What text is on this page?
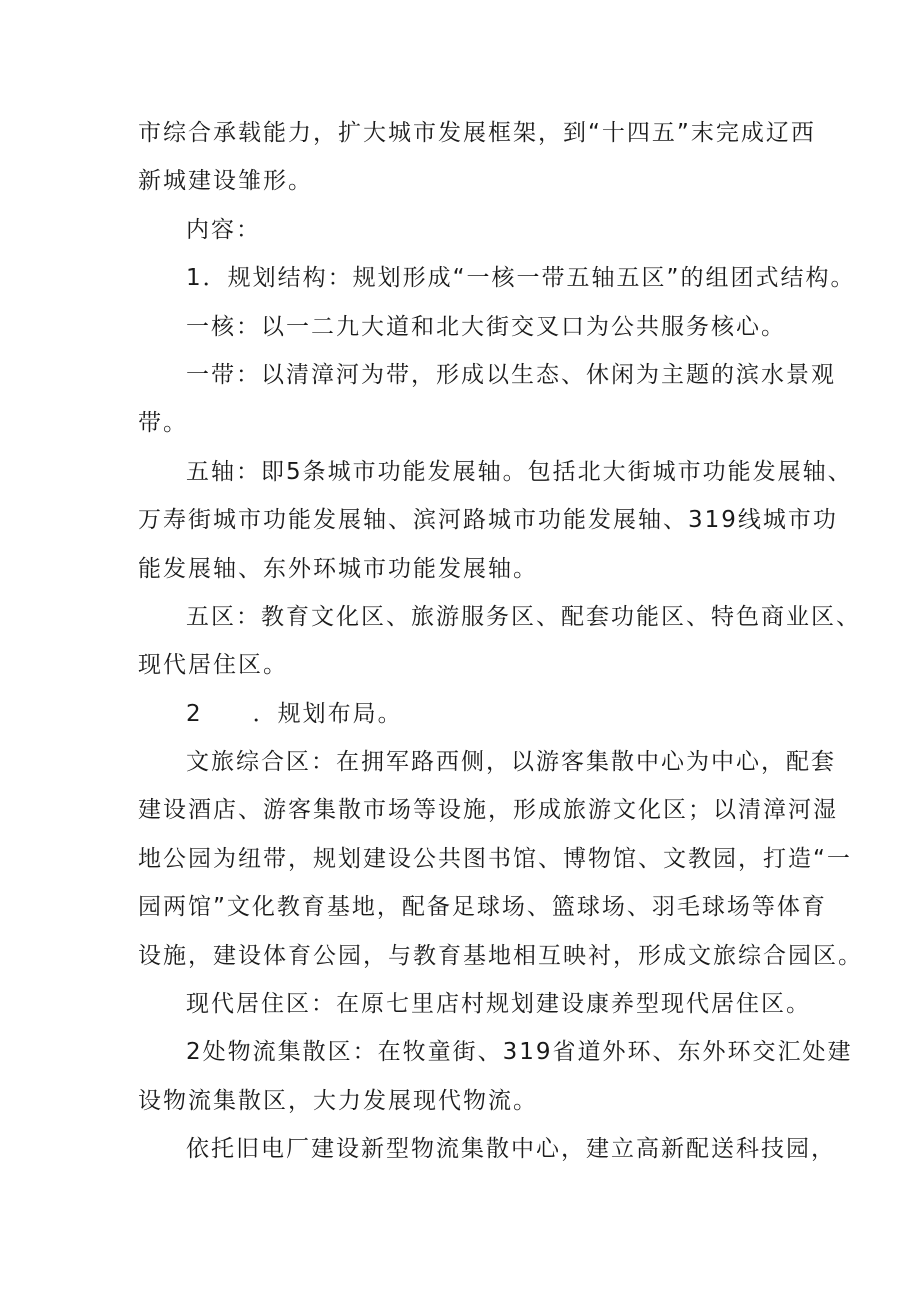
市综合承载能力，扩大城市发展框架，到“十四五”末完成辽西
新城建设雏形。
内容：
1．规划结构：规划形成“一核一带五轴五区”的组团式结构。
一核：以一二九大道和北大街交叉口为公共服务核心。
一带：以清漳河为带，形成以生态、休闲为主题的滨水景观
带。
五轴：即5条城市功能发展轴。包括北大街城市功能发展轴、
万寿街城市功能发展轴、滨河路城市功能发展轴、319线城市功
能发展轴、东外环城市功能发展轴。
五区：教育文化区、旅游服务区、配套功能区、特色商业区、
现代居住区。
2　　．规划布局。
文旅综合区：在拥军路西侧，以游客集散中心为中心，配套
建设酒店、游客集散市场等设施，形成旅游文化区；以清漳河湿
地公园为纽带，规划建设公共图书馆、博物馆、文教园，打造“一
园两馆”文化教育基地，配备足球场、篮球场、羽毛球场等体育
设施，建设体育公园，与教育基地相互映衬，形成文旅综合园区。
现代居住区：在原七里店村规划建设康养型现代居住区。
2处物流集散区：在牧童街、319省道外环、东外环交汇处建
设物流集散区，大力发展现代物流。
依托旧电厂建设新型物流集散中心，建立高新配送科技园，
